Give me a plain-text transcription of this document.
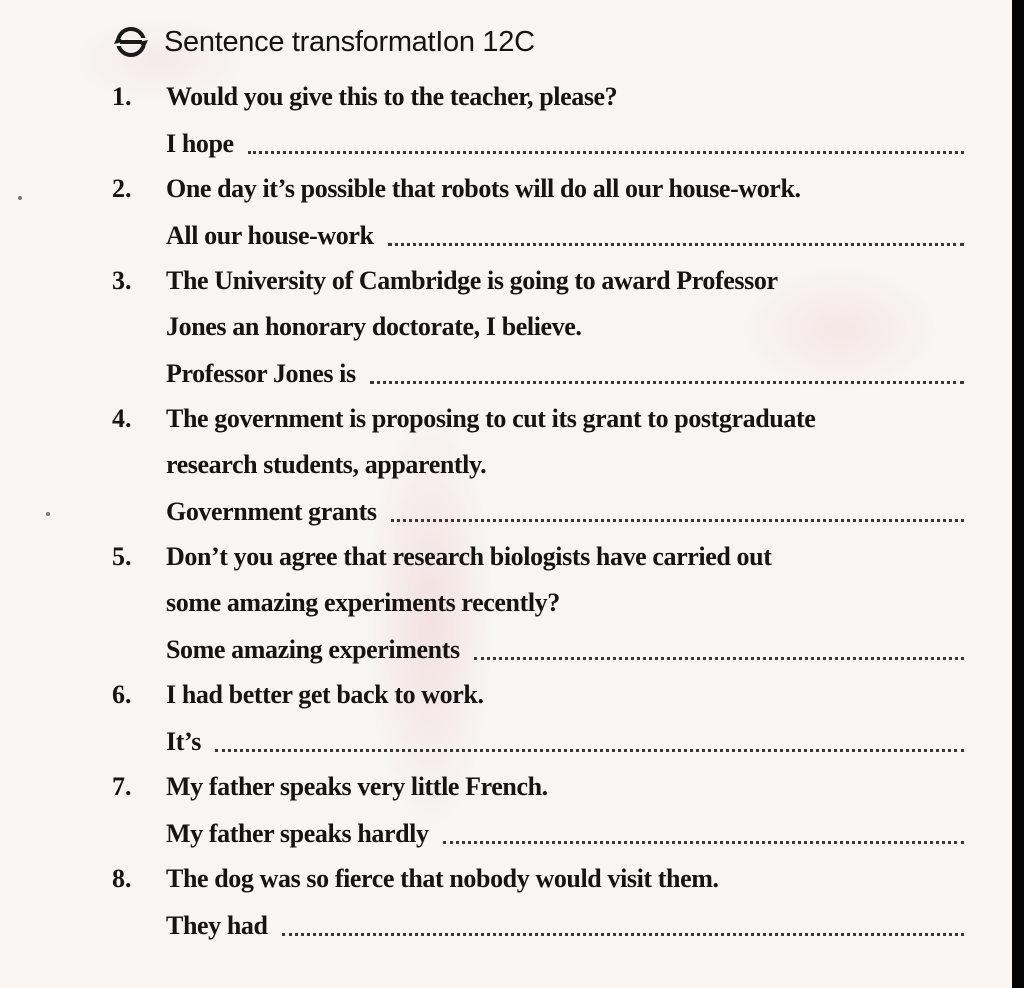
Sentence transformatIon 12C
1. Would you give this to the teacher, please?

I hope
2. One day it’s possible that robots will do all our house-work.

All our house-work
3. The University of Cambridge is going to award Professor

Jones an honorary doctorate, I believe.

Professor Jones is
4. The government is proposing to cut its grant to postgraduate

research students, apparently.

Government grants
5. Don’t you agree that research biologists have carried out

some amazing experiments recently?

Some amazing experiments
6. I had better get back to work.

It’s
7. My father speaks very little French.

My father speaks hardly
8. The dog was so fierce that nobody would visit them.

They had
